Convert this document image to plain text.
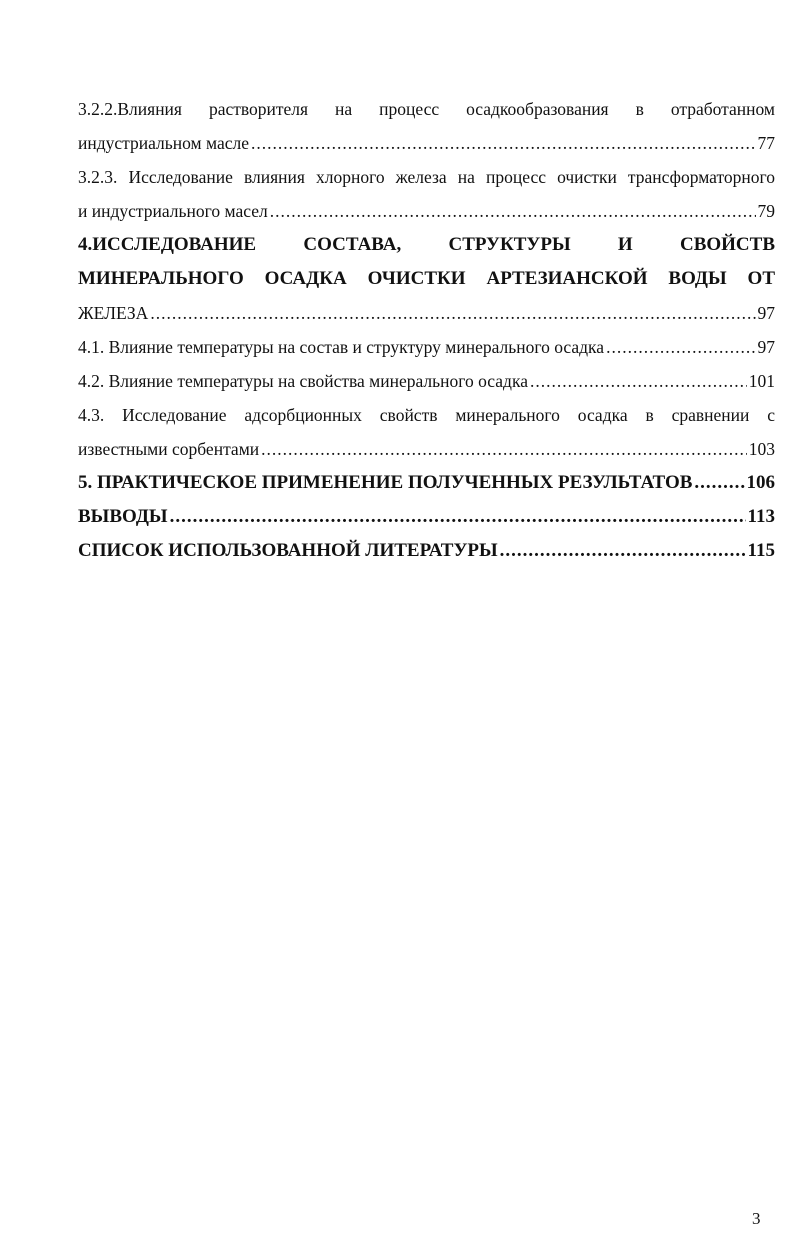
3.2.2.Влияния растворителя на процесс осадкообразования в отработанном
индустриальном масле .....	77
3.2.3. Исследование влияния хлорного железа на процесс очистки трансформаторного
и индустриального масел .....	79
4.ИССЛЕДОВАНИЕ СОСТАВА, СТРУКТУРЫ И СВОЙСТВ
МИНЕРАЛЬНОГО ОСАДКА ОЧИСТКИ АРТЕЗИАНСКОЙ ВОДЫ ОТ
ЖЕЛЕЗА .....	97
4.1. Влияние температуры на состав и структуру минерального осадка .....	97
4.2. Влияние температуры на свойства минерального осадка .....	101
4.3. Исследование адсорбционных свойств минерального осадка в сравнении с
известными сорбентами .....	103
5. ПРАКТИЧЕСКОЕ ПРИМЕНЕНИЕ ПОЛУЧЕННЫХ РЕЗУЛЬТАТОВ .....	106
ВЫВОДЫ .....	113
СПИСОК ИСПОЛЬЗОВАННОЙ ЛИТЕРАТУРЫ .....	115
3
